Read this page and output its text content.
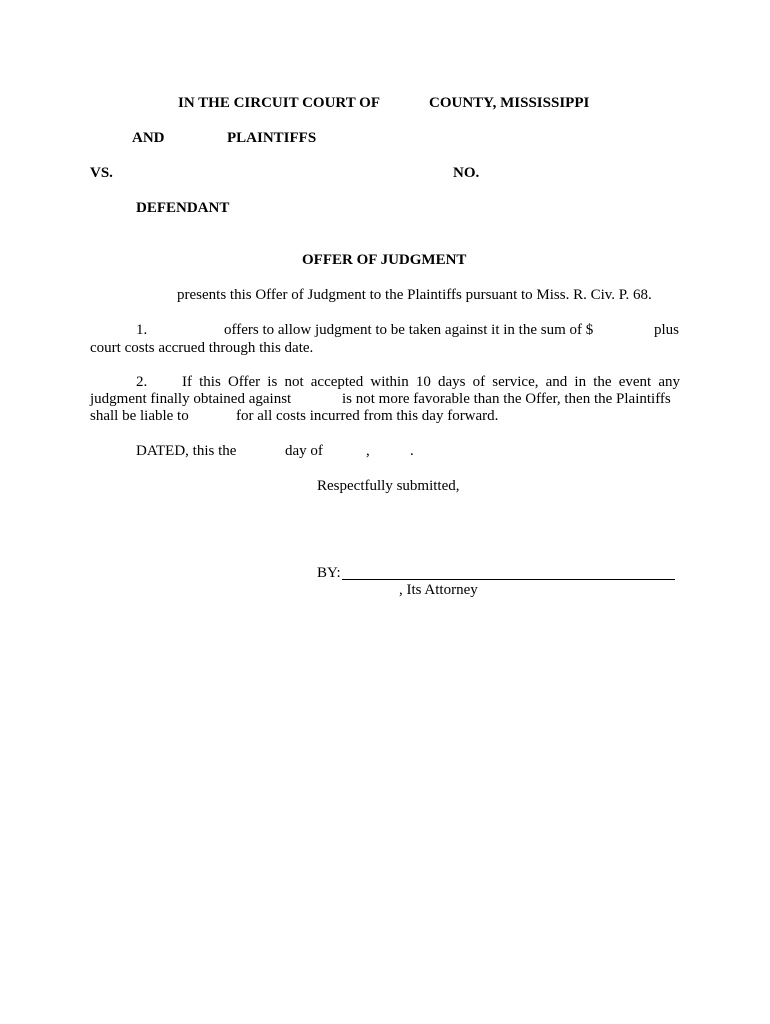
IN THE CIRCUIT COURT OF	COUNTY, MISSISSIPPI
AND	PLAINTIFFS
VS.	NO.
DEFENDANT
OFFER OF JUDGMENT
presents this Offer of Judgment to the Plaintiffs pursuant to Miss. R. Civ. P. 68.
1.	offers to allow judgment to be taken against it in the sum of $	plus
court costs accrued through this date.
2. If this Offer is not accepted within 10 days of service, and in the event any
judgment finally obtained against	is not more favorable than the Offer, then the Plaintiffs
shall be liable to	for all costs incurred from this day forward.
DATED, this the	day of	,	.
Respectfully submitted,
BY:
, Its Attorney
